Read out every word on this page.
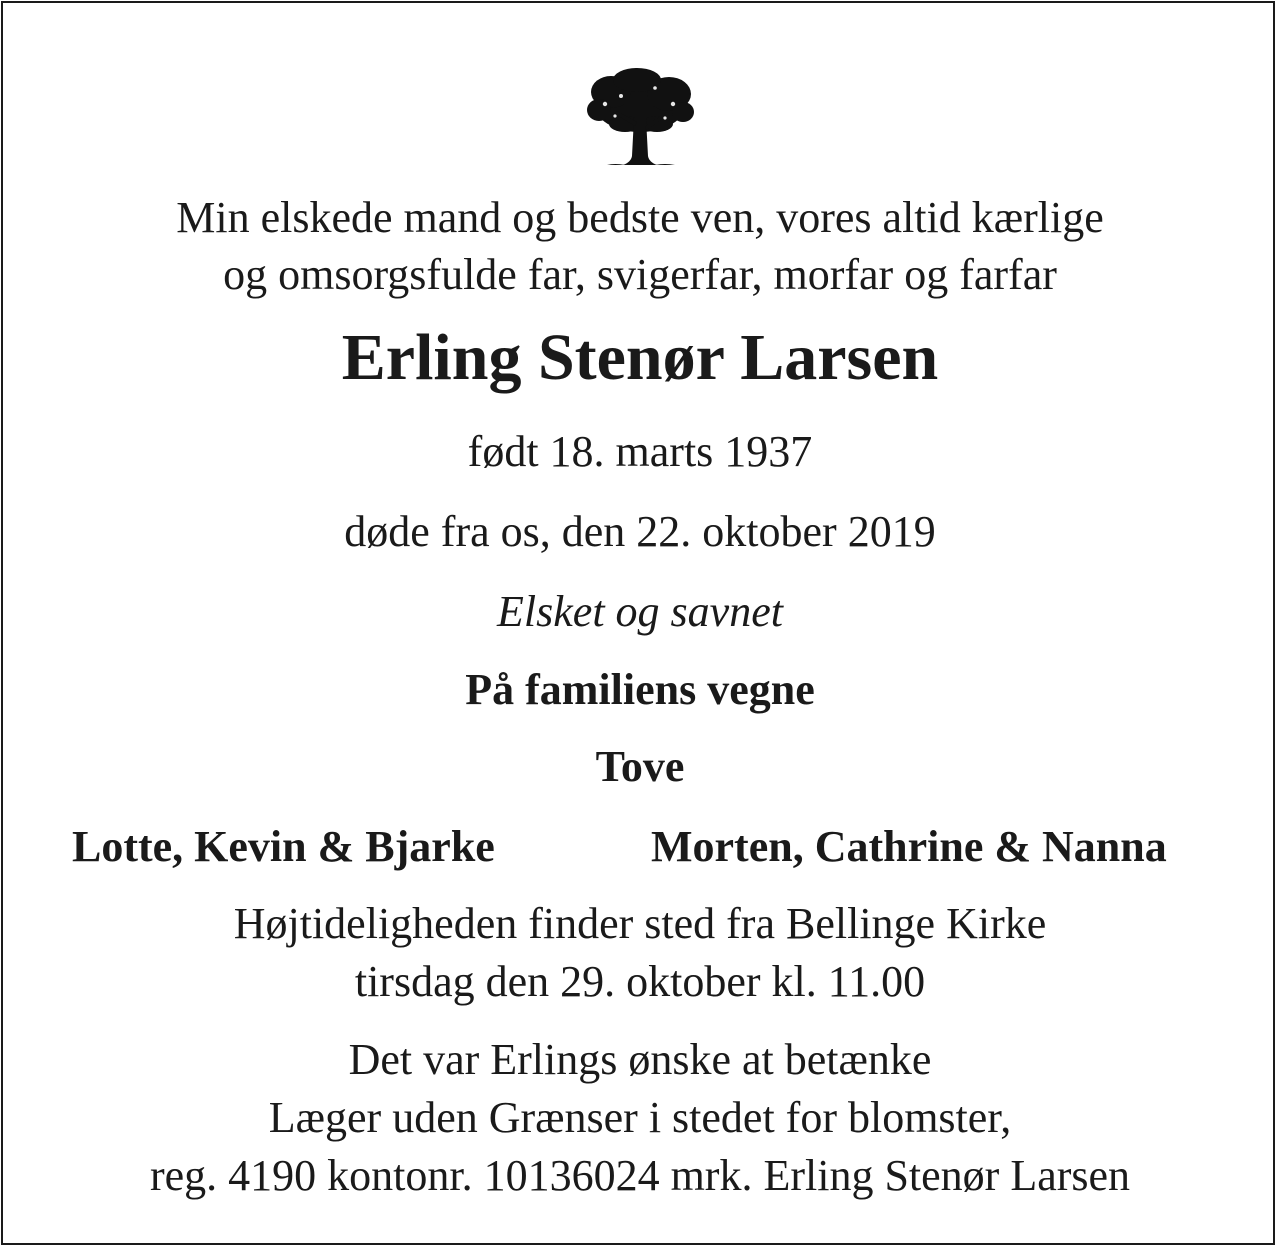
Min elskede mand og bedste ven, vores altid kærlige
og omsorgsfulde far, svigerfar, morfar og farfar
Erling Stenør Larsen
født 18. marts 1937
døde fra os, den 22. oktober 2019
Elsket og savnet
På familiens vegne
Tove
Lotte, Kevin & Bjarke	Morten, Cathrine & Nanna
Højtideligheden finder sted fra Bellinge Kirke
tirsdag den 29. oktober kl. 11.00
Det var Erlings ønske at betænke
Læger uden Grænser i stedet for blomster,
reg. 4190 kontonr. 10136024 mrk. Erling Stenør Larsen
